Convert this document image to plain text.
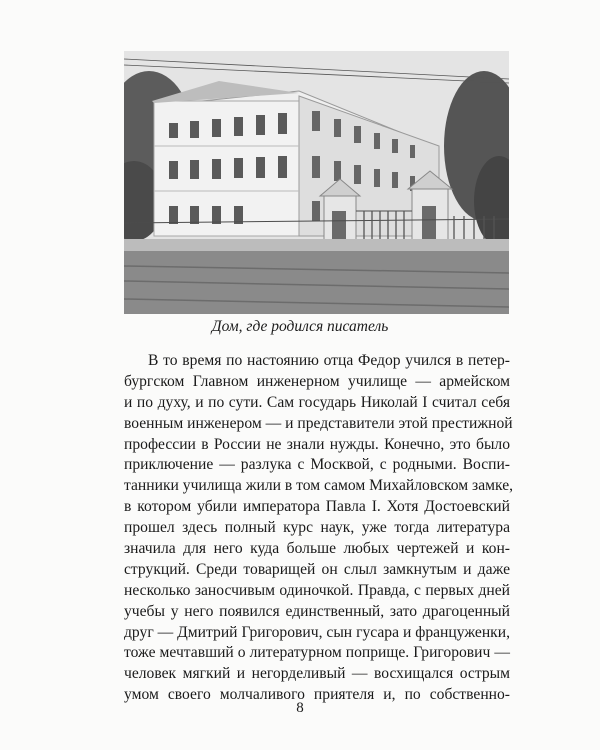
Дом, где родился писатель
В то время по настоянию отца Федор учился в петер-
бургском Главном инженерном училище — армейском
и по духу, и по сути. Сам государь Николай I считал себя
военным инженером — и представители этой престижной
профессии в России не знали нужды. Конечно, это было
приключение — разлука с Москвой, с родными. Воспи-
танники училища жили в том самом Михайловском замке,
в котором убили императора Павла I. Хотя Достоевский
прошел здесь полный курс наук, уже тогда литература
значила для него куда больше любых чертежей и кон-
струкций. Среди товарищей он слыл замкнутым и даже
несколько заносчивым одиночкой. Правда, с первых дней
учебы у него появился единственный, зато драгоценный
друг — Дмитрий Григорович, сын гусара и француженки,
тоже мечтавший о литературном поприще. Григорович —
человек мягкий и негорделивый — восхищался острым
умом своего молчаливого приятеля и, по собственно-
8
